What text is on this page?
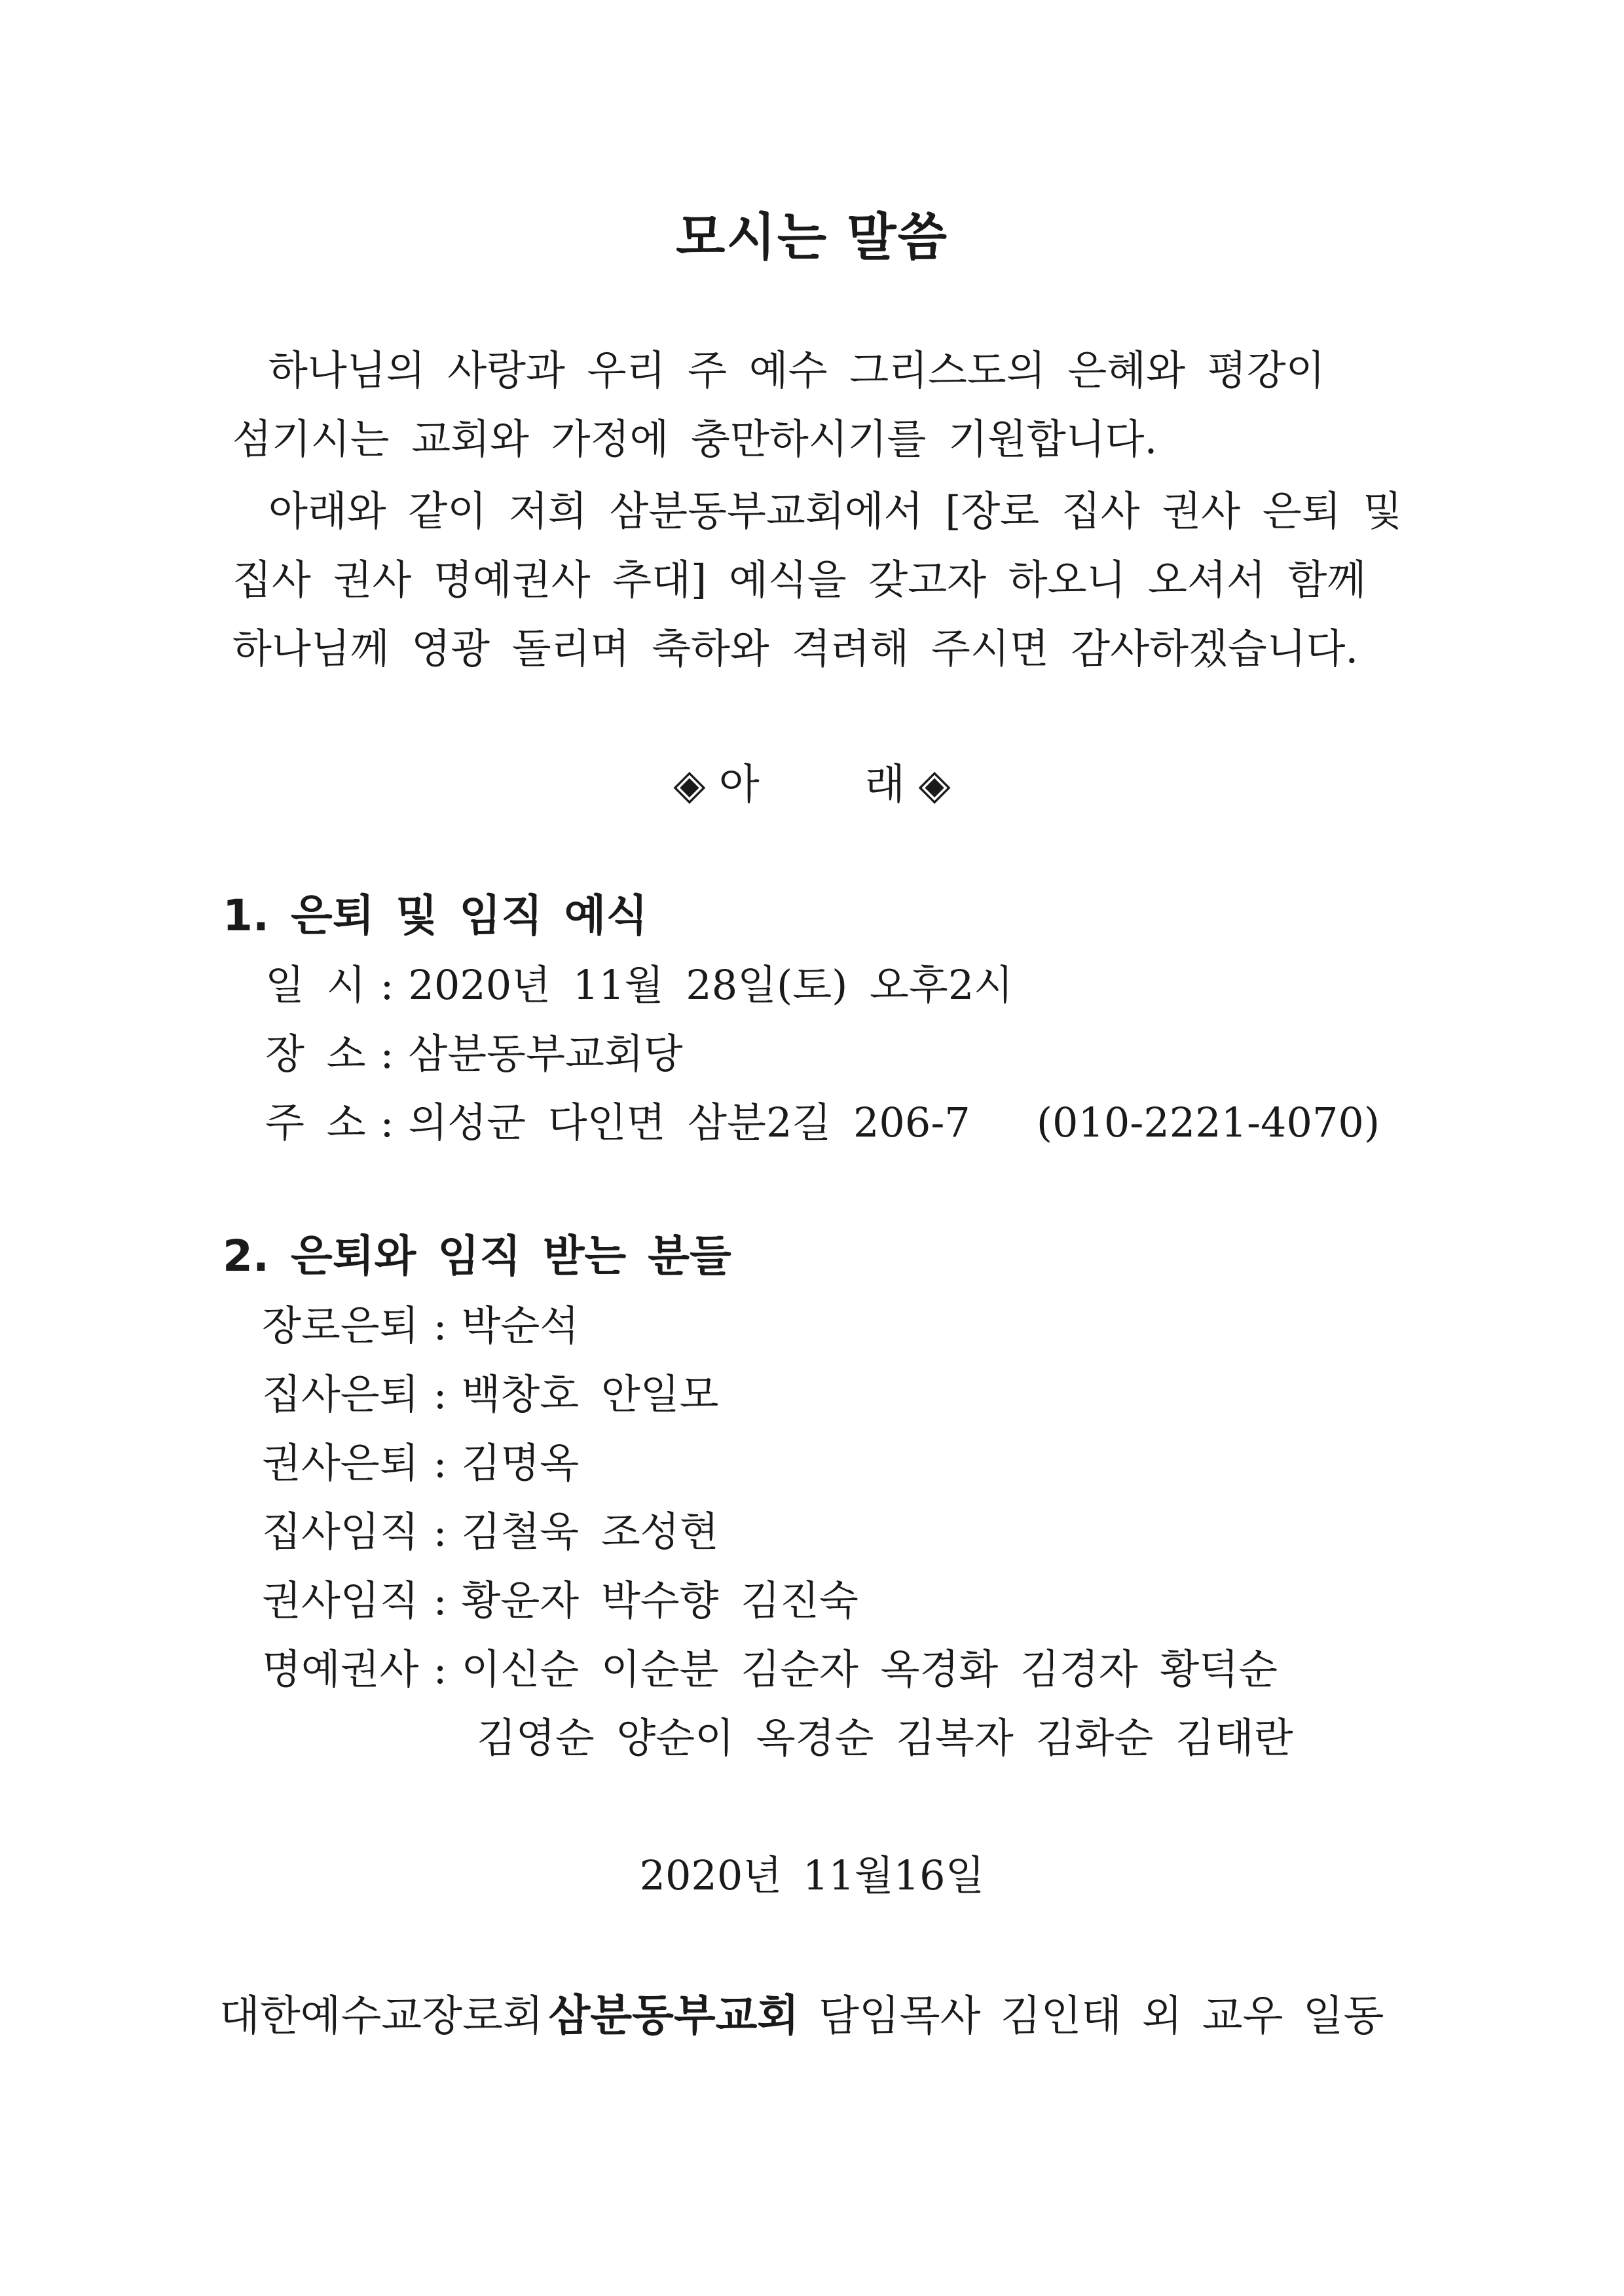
모시는 말씀
하나님의 사랑과 우리 주 예수 그리스도의 은혜와 평강이
섬기시는 교회와 가정에 충만하시기를 기원합니다.
아래와 같이 저희 삼분동부교회에서 [장로 집사 권사 은퇴 및
집사 권사 명예권사 추대] 예식을 갖고자 하오니 오셔서 함께
하나님께 영광 돌리며 축하와 격려해 주시면 감사하겠습니다.
◈ 아	래 ◈
1. 은퇴 및 임직 예식
일 시 : 2020년 11월 28일(토) 오후2시
장 소 : 삼분동부교회당
주 소 : 의성군 다인면 삼분2길 206-7   (010-2221-4070)
2. 은퇴와 임직 받는 분들
장로은퇴 : 박순석
집사은퇴 : 백창호 안일모
권사은퇴 : 김명옥
집사임직 : 김철욱 조성현
권사임직 : 황운자 박수향 김진숙
명예권사 : 이신순 이순분 김순자 옥경화 김경자 황덕순
김영순 양순이 옥경순 김복자 김화순 김태란
2020년 11월16일
대한예수교장로회 삼분동부교회 담임목사 김인태 외 교우 일동
